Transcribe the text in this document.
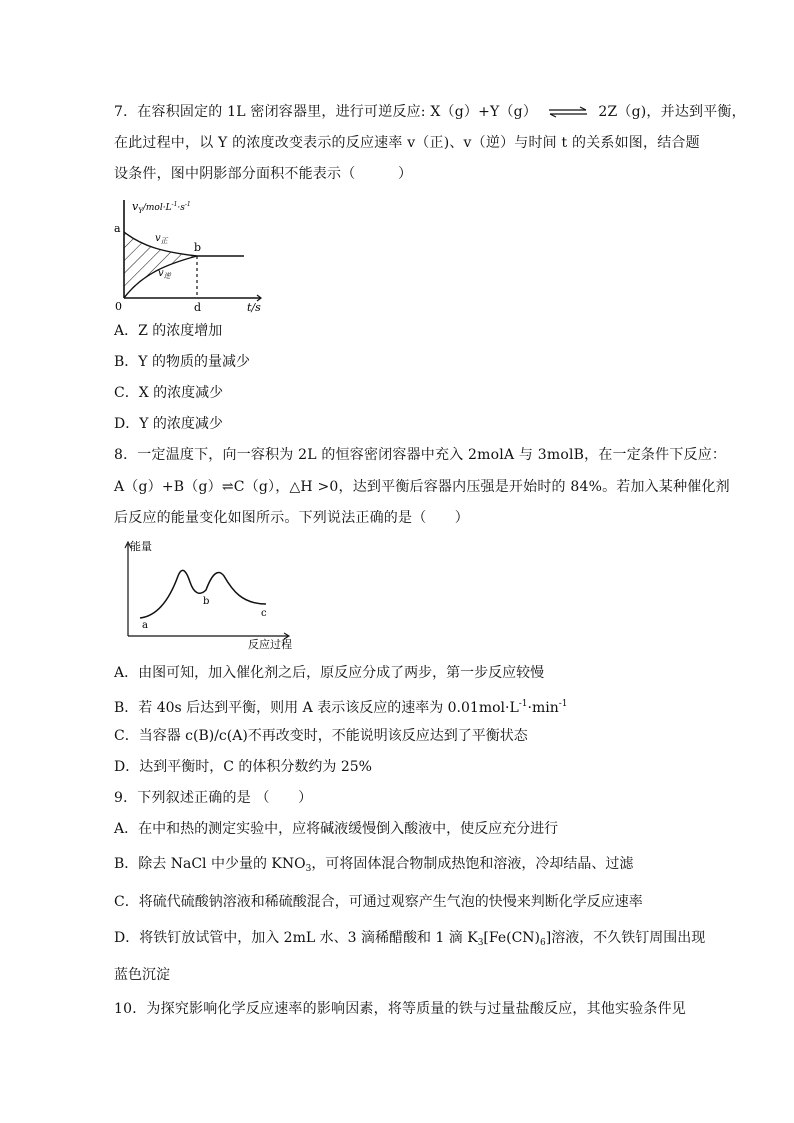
7．在容积固定的 1L 密闭容器里，进行可逆反应: X（g）+Y（g） ⇌ 2Z（g)，并达到平衡，
在此过程中，以 Y 的浓度改变表示的反应速率 v（正)、v（逆）与时间 t 的关系如图，结合题
设条件，图中阴影部分面积不能表示（　　　）
$v_Y^{/mol\cdot L-1}_{\cdot s}^{-1}$
a
b
d
0	t/s
$v_正$
$v_逆$
A．Z 的浓度增加
B．Y 的物质的量减少
C．X 的浓度减少
D．Y 的浓度减少
8．一定温度下，向一容积为 2L 的恒容密闭容器中充入 2molA 与 3molB，在一定条件下反应：
A（g）+B（g）⇌C（g），△H >0，达到平衡后容器内压强是开始时的 84%。若加入某种催化剂
后反应的能量变化如图所示。下列说法正确的是（　　）
能量
反应过程
a
b
c
A．由图可知，加入催化剂之后，原反应分成了两步，第一步反应较慢
B．若 40s 后达到平衡，则用 A 表示该反应的速率为 $0.01mol\cdot L^{-1}\cdot\min^{-1}$
C．当容器 c(B)/c(A)不再改变时，不能说明该反应达到了平衡状态
D．达到平衡时，C 的体积分数约为 25%
9．下列叙述正确的是 （　　）
A．在中和热的测定实验中，应将碱液缓慢倒入酸液中，使反应充分进行
B．除去 NaCl 中少量的 $KNO_3$，可将固体混合物制成热饱和溶液，冷却结晶、过滤
C．将硫代硫酸钠溶液和稀硫酸混合，可通过观察产生气泡的快慢来判断化学反应速率
D．将铁钉放试管中，加入 2mL 水、3 滴稀醋酸和 1 滴 $K_3[Fe(CN)_6]$溶液，不久铁钉周围出现
蓝色沉淀
10．为探究影响化学反应速率的影响因素，将等质量的铁与过量盐酸反应，其他实验条件见
